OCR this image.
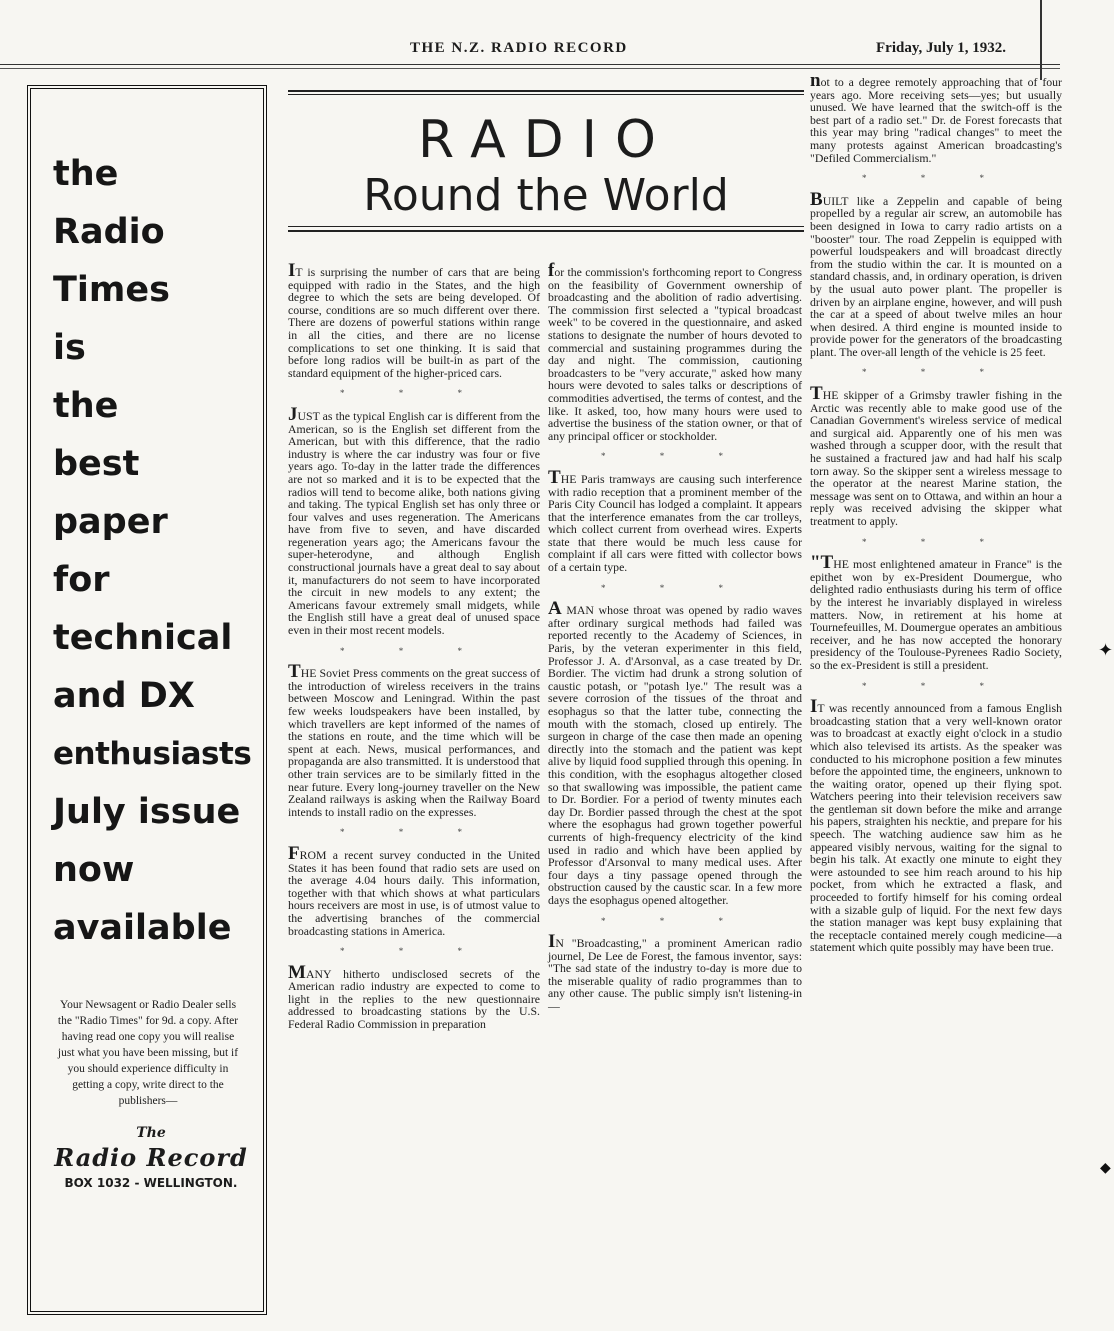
THE N.Z. RADIO RECORD	Friday, July 1, 1932.
the
Radio
Times
is
the
best
paper
for
technical
and DX
enthusiasts
July issue
now
available
Your Newsagent or Radio Dealer sells the "Radio Times" for 9d. a copy. After having read one copy you will realise just what you have been missing, but if you should experience difficulty in getting a copy, write direct to the publishers—
The
Radio Record
BOX 1032 - WELLINGTON.
RADIO
Round the World

IT is surprising the number of cars that are being equipped with radio in the States, and the high degree to which the sets are being developed. Of course, conditions are so much different over there. There are dozens of powerful stations within range in all the cities, and there are no license complications to set one thinking. It is said that before long radios will be built-in as part of the standard equipment of the higher-priced cars.

* * *

JUST as the typical English car is different from the American, so is the English set different from the American, but with this difference, that the radio industry is where the car industry was four or five years ago. To-day in the latter trade the differences are not so marked and it is to be expected that the radios will tend to become alike, both nations giving and taking. The typical English set has only three or four valves and uses regeneration. The Americans have from five to seven, and have discarded regeneration years ago; the Americans favour the super-heterodyne, and although English constructional journals have a great deal to say about it, manufacturers do not seem to have incorporated the circuit in new models to any extent; the Americans favour extremely small midgets, while the English still have a great deal of unused space even in their most recent models.

* * *

THE Soviet Press comments on the great success of the introduction of wireless receivers in the trains between Moscow and Leningrad. Within the past few weeks loudspeakers have been installed, by which travellers are kept informed of the names of the stations en route, and the time which will be spent at each. News, musical performances, and propaganda are also transmitted. It is understood that other train services are to be similarly fitted in the near future. Every long-journey traveller on the New Zealand railways is asking when the Railway Board intends to install radio on the expresses.

* * *

FROM a recent survey conducted in the United States it has been found that radio sets are used on the average 4.04 hours daily. This information, together with that which shows at what particulars hours receivers are most in use, is of utmost value to the advertising branches of the commercial broadcasting stations in America.

* * *

MANY hitherto undisclosed secrets of the American radio industry are expected to come to light in the replies to the new questionnaire addressed to broadcasting stations by the U.S. Federal Radio Commission in preparation

for the commission's forthcoming report to Congress on the feasibility of Government ownership of broadcasting and the abolition of radio advertising. The commission first selected a "typical broadcast week" to be covered in the questionnaire, and asked stations to designate the number of hours devoted to commercial and sustaining programmes during the day and night. The commission, cautioning broadcasters to be "very accurate," asked how many hours were devoted to sales talks or descriptions of commodities advertised, the terms of contest, and the like. It asked, too, how many hours were used to advertise the business of the station owner, or that of any principal officer or stockholder.

* * *

THE Paris tramways are causing such interference with radio reception that a prominent member of the Paris City Council has lodged a complaint. It appears that the interference emanates from the car trolleys, which collect current from overhead wires. Experts state that there would be much less cause for complaint if all cars were fitted with collector bows of a certain type.

* * *

A MAN whose throat was opened by radio waves after ordinary surgical methods had failed was reported recently to the Academy of Sciences, in Paris, by the veteran experimenter in this field, Professor J. A. d'Arsonval, as a case treated by Dr. Bordier. The victim had drunk a strong solution of caustic potash, or "potash lye." The result was a severe corrosion of the tissues of the throat and esophagus so that the latter tube, connecting the mouth with the stomach, closed up entirely. The surgeon in charge of the case then made an opening directly into the stomach and the patient was kept alive by liquid food supplied through this opening. In this condition, with the esophagus altogether closed so that swallowing was impossible, the patient came to Dr. Bordier. For a period of twenty minutes each day Dr. Bordier passed through the chest at the spot where the esophagus had grown together powerful currents of high-frequency electricity of the kind used in radio and which have been applied by Professor d'Arsonval to many medical uses. After four days a tiny passage opened through the obstruction caused by the caustic scar. In a few more days the esophagus opened altogether.

* * *

IN "Broadcasting," a prominent American radio journel, De Lee de Forest, the famous inventor, says: "The sad state of the industry to-day is more due to the miserable quality of radio programmes than to any other cause. The public simply isn't listening-in—

not to a degree remotely approaching that of four years ago. More receiving sets—yes; but usually unused. We have learned that the switch-off is the best part of a radio set." Dr. de Forest forecasts that this year may bring "radical changes" to meet the many protests against American broadcasting's "Defiled Commercialism."

* * *

BUILT like a Zeppelin and capable of being propelled by a regular air screw, an automobile has been designed in Iowa to carry radio artists on a "booster" tour. The road Zeppelin is equipped with powerful loudspeakers and will broadcast directly from the studio within the car. It is mounted on a standard chassis, and, in ordinary operation, is driven by the usual auto power plant. The propeller is driven by an airplane engine, however, and will push the car at a speed of about twelve miles an hour when desired. A third engine is mounted inside to provide power for the generators of the broadcasting plant. The over-all length of the vehicle is 25 feet.

* * *

THE skipper of a Grimsby trawler fishing in the Arctic was recently able to make good use of the Canadian Government's wireless service of medical and surgical aid. Apparently one of his men was washed through a scupper door, with the result that he sustained a fractured jaw and had half his scalp torn away. So the skipper sent a wireless message to the operator at the nearest Marine station, the message was sent on to Ottawa, and within an hour a reply was received advising the skipper what treatment to apply.

* * *

"THE most enlightened amateur in France" is the epithet won by ex-President Doumergue, who delighted radio enthusiasts during his term of office by the interest he invariably displayed in wireless matters. Now, in retirement at his home at Tournefeuilles, M. Doumergue operates an ambitious receiver, and he has now accepted the honorary presidency of the Toulouse-Pyrenees Radio Society, so the ex-President is still a president.

* * *

IT was recently announced from a famous English broadcasting station that a very well-known orator was to broadcast at exactly eight o'clock in a studio which also televised its artists. As the speaker was conducted to his microphone position a few minutes before the appointed time, the engineers, unknown to the waiting orator, opened up their flying spot. Watchers peering into their television receivers saw the gentleman sit down before the mike and arrange his papers, straighten his necktie, and prepare for his speech. The watching audience saw him as he appeared visibly nervous, waiting for the signal to begin his talk. At exactly one minute to eight they were astounded to see him reach around to his hip pocket, from which he extracted a flask, and proceeded to fortify himself for his coming ordeal with a sizable gulp of liquid. For the next few days the station manager was kept busy explaining that the receptacle contained merely cough medicine—a statement which quite possibly may have been true.

✦
◆
